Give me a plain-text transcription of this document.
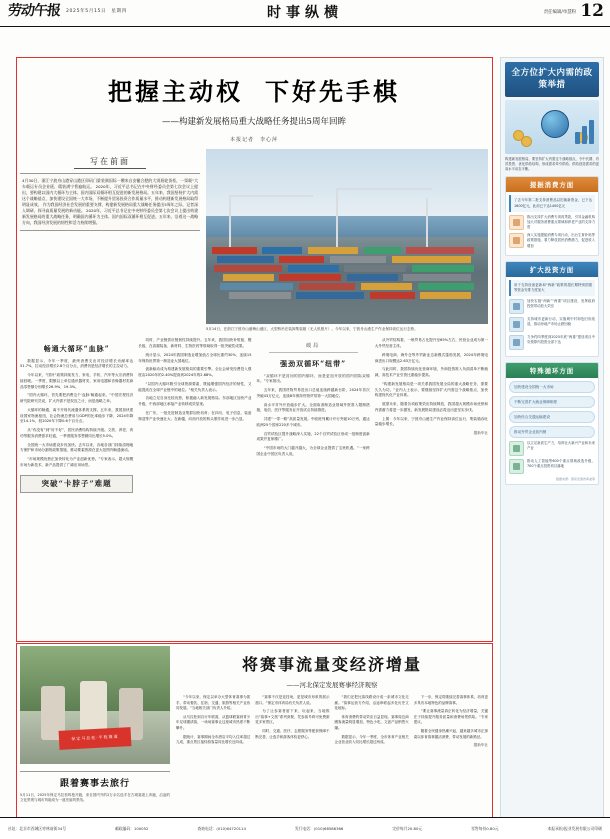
劳动午报 2025年5月15日　星期四	时事纵横	责任编辑/单慧粉 12
把握主动权 下好先手棋
——构建新发展格局重大战略任务提出5周年回眸
本报记者　李心萍
写在前面
4月30日，浙江宁波舟山港穿山港区卯码门梁装满国际一艘来自安徽合肥的大别班轮货柜，一票载“大车载运专员企业班，精装满宁普遍航运。 2020年，习近平总书记在中央财经委员会第七次会议上提出，要构建以国内大循环为主体、国内国际双循环相互促进的新发展格局。五年来，我国坚持扩大内需这个战略基点，加快建设全国统一大市场，不断提升贸易投资合作质量水平，推动构建新发展格局取得明显成效。 作为我国经济社会发展的重要支撑，构建新发展格局重大战略任务提出5周年之际，记者深入调研，探寻高质量发展的新动能。 2020年，习近平总书记在中央财经委员会第七次会议上提出构建新发展格局的重大战略任务，明确国内循环为主体、国内国际双循环相互促进。五年来，沿着这一战略方向，我国经济发展的韧性和活力持续增强。
5月14日，在浙江宁波舟山港梅山港区，大型桥吊在装卸集装箱（无人机照片）。今年以来，宁波舟山港生产作业保持高位运行态势。
畅通大循环“血脉”

数据显示，今年一季度，最终消费支出对经济增长贡献率达51.7%，拉动经济增长2.8个百分点，消费仍是经济增长的主拉动力。

今年以来，“国补”政策持续发力，家电、手机、汽车等大宗消费持续回暖。一季度，限额以上单位通讯器材类、家用电器和音像器材类商品零售额分别增长26.9%、19.3%。

“国内大循环，首先要把消费这个‘血脉’畅通起来。”中国宏观经济研究院研究员说，扩大内需不是权宜之计，而是战略之举。

大循环的畅通，离不开现代流通体系的支撑。五年来，我国加快建设国家物流枢纽，社会物流总费用与GDP的比率稳步下降，2024年降至14.1%，较2020年下降0.6个百分点。

从“有没有”到“好不好”，居民消费结构持续升级。文旅、养老、育幼等服务消费需求旺盛，一季度服务零售额同比增长5.0%。

全国统一大市场建设步伐加快。去年以来，各地各部门持续清理地方保护和市场分割的政策措施，推动要素资源在更大范围内畅通流动。

“市场规模优势正加快转化为产业创新优势。”专家表示，超大规模市场为新技术、新产品提供了广阔应用场景。

突破“卡脖子”难题

同时，产业链供应链韧性持续提升。五年来，我国加快补短板、锻长板，在高端装备、新材料、生物医药等领域取得一批突破性成果。

统计显示，2024年我国制造业增加值占全球比重约30%，连续15年保持世界第一制造业大国地位。

创新驱动成为构建新发展格局的重要引擎。全社会研发经费投入强度由2020年的2.40%提高到2024年的2.68%。

“以国内大循环吸引全球资源要素，既能增强国内经济的韧性，又能提高在全球产业链中的地位。”相关负责人表示。

各地立足自身比较优势，积极融入新发展格局。东部地区加快产业升级，中西部地区承接产业转移成效显现。

在广东，一批先进制造业集群加快培育；在四川，电子信息、装备制造等产业快速壮大；在新疆，向西开放的桥头堡作用进一步凸显。

破局
强劲双循环“纽带”

“双循环不是封闭的国内循环，而是更加开放的国内国际双循环。”专家指出。

五年来，我国货物贸易进出口总值连续跨越新台阶，2024年首次突破43万亿元，连续8年保持货物贸易第一大国地位。

高水平对外开放稳步扩大。全面取消制造业领域外资准入限制措施，电信、医疗等服务业开放试点持续推进。

共建“一带一路”高质量发展。中欧班列累计开行突破10万列，通达欧洲25个国家220多个城市。

自贸试验区提升战略深入实施，22个自贸试验区形成一批制度创新成果并复制推广。

“中国市场的大门越开越大，为全球企业提供了宝贵机遇。”一家跨国企业中国区负责人说。

从外贸结构看，一般贸易占比提升至65%左右，民营企业成为第一大外贸经营主体。

跨境电商、海外仓等外贸新业态新模式蓬勃发展，2024年跨境电商进出口规模达2.63万亿元。

与此同时，我国持续优化营商环境，外商投资准入负面清单不断缩减，高技术产业引资比重稳步提高。

“构建新发展格局是一项关系我国发展全局的重大战略任务，需要久久为功。”业内人士表示，要继续坚持扩大内需这个战略基点，加快构建现代化产业体系。

展望未来，随着各项政策效应持续释放，我国超大规模市场优势和内需潜力将进一步激发，新发展格局建设必将迈出更坚实步伐。

上图：今年以来，宁波舟山港生产作业保持高位运行，集装箱吞吐量稳步增长。

据新华社
保定马拉松·半程赛道
跟着赛事去旅行
5月11日，2025年保定马拉松鸣枪开跑，来自国内外的2万余名选手在古城赛道上奔跑，沿途的文化景观与城市风貌成为一道亮丽风景线。
将赛事流量变经济增量
——河北保定发展赛事经济观察

“今年以来，保定以举办大型体育赛事为抓手，带动餐饮、住宿、交通、旅游等相关产业协同发展。”当地相关部门负责人介绍。

从马拉松到自行车联赛，从篮球联赛到青少年足球邀请赛，一场场赛事让这座城市热度不断攀升。

据统计，赛事期间全市酒店平均入住率超过九成，重点景区接待游客量同比增长近四成。

“赛事不仅是竞技场，更是城市形象的展示窗口。”保定市体育局有关负责人说。

为了让参赛者留下来、玩起来，当地推出“赛事+文旅”系列套餐，凭参赛号码可免费游览多家景区。

同时，交通、医疗、志愿服务等配套保障不断完善，让选手和游客体验更舒心。

“我们还把比赛线路设计成一条城市文化走廊。”赛事运营方介绍，沿途串联起多处历史文化地标。

体育消费的带动效应日益显现。赛事周边商圈客流量明显增加，特色小吃、文创产品销售火爆。

数据显示，今年一季度，全市体育产业相关企业营业收入同比增长超过两成。

下一步，保定将继续完善赛事体系，培育更多具有本地特色的品牌赛事。

“要让赛事流量真正转化为经济增量，关键在于持续提升服务质量和消费场景供给。”专家建议。

随着全民健身热潮兴起，越来越多城市正探索以体育赛事激活消费、带动发展的新路径。

据新华社
全方位扩大内需的政策举措
构建新发展格局，要坚持扩大内需这个战略基点，令中长期、有效投资、优化供给结构，形成需求牵引供给、供给创造需求的更高水平动态平衡。
提振消费方面
了去今年第二批支持消费品以旧换新资金，已下达1600亿元，此前已下达1400亿元
推出支持扩大消费专项再贷款，引导金融机构加大对服务消费重点领域和养老产业的支持力度
深入实施提振消费专项行动，出台生育补贴等政策措施，着力释放居民消费潜力，促进收入增加
扩大投资方面
用于支持设备更新和“两新”政策的超长期特别国债等资金安排力度加大
加快实施“两新”“两重”项目建设，发挥政府投资带动放大效应
支持城市更新行动，实施城中村和危旧房改造，推动房地产市场止跌回稳
力争约四季度到2025年底“两重”建设项目中央预算内投资全部下达
特殊循环方面
加快建设全国统一大市场
不断完善扩大就业保障制度
加快综合交通运输建设
推动外贸企业拓内销
以立足新质生产力，培育壮大新兴产业和未来产业
推动人工智能等600个重点领域改造升级，700个重点投资项目落地
数据来源：国家发展改革委等
社址：北京市西城区枣林前街34号	邮政编码：100052	查询电话：(010)64720114	发行电话：(010)68586366	定价每月20.80元	零售每份0.80元	本报承担/报业发展有限公司印刷
